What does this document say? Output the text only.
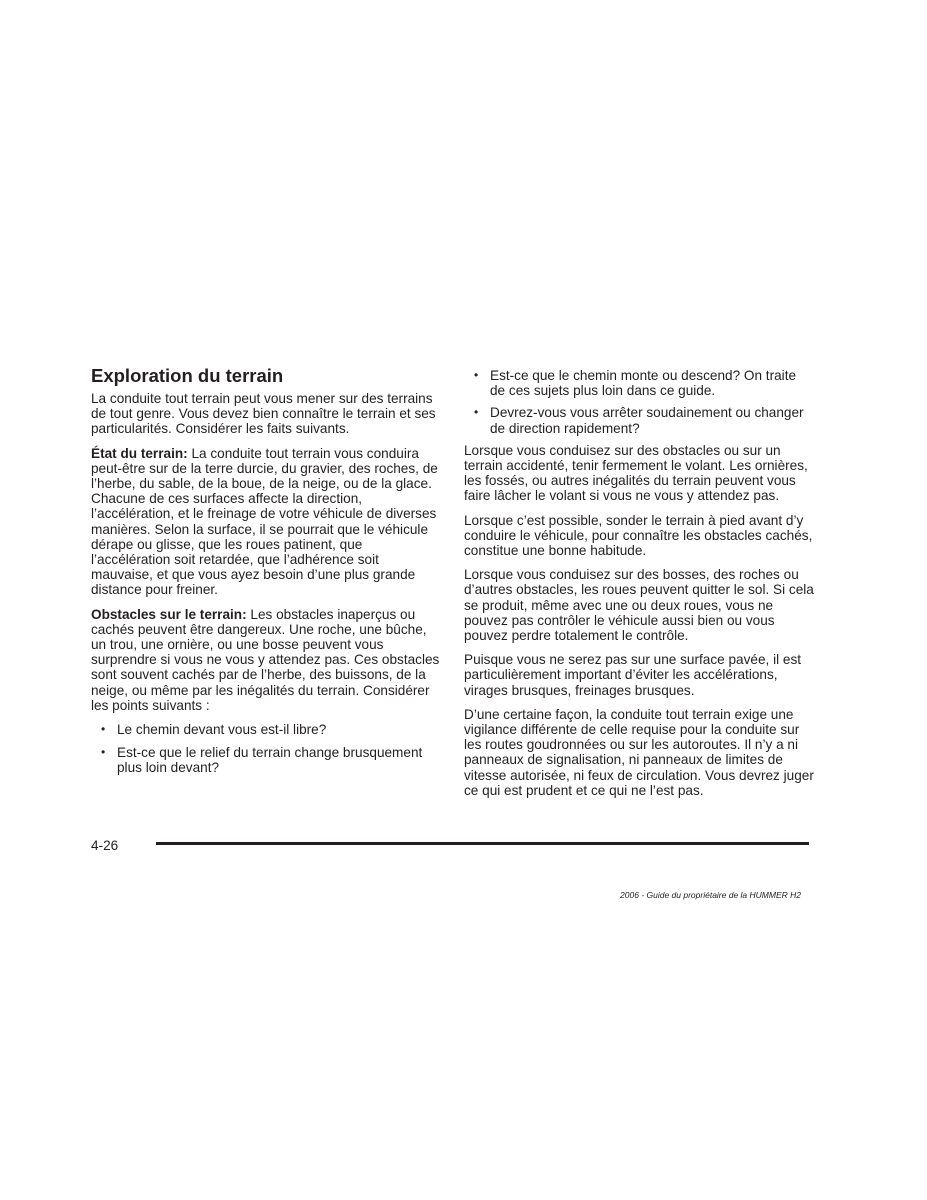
Exploration du terrain

La conduite tout terrain peut vous mener sur des terrains de tout genre. Vous devez bien connaître le terrain et ses particularités. Considérer les faits suivants.

État du terrain: La conduite tout terrain vous conduira peut-être sur de la terre durcie, du gravier, des roches, de l’herbe, du sable, de la boue, de la neige, ou de la glace. Chacune de ces surfaces affecte la direction, l’accélération, et le freinage de votre véhicule de diverses manières. Selon la surface, il se pourrait que le véhicule dérape ou glisse, que les roues patinent, que l’accélération soit retardée, que l’adhérence soit mauvaise, et que vous ayez besoin d’une plus grande distance pour freiner.

Obstacles sur le terrain: Les obstacles inaperçus ou cachés peuvent être dangereux. Une roche, une bûche, un trou, une ornière, ou une bosse peuvent vous surprendre si vous ne vous y attendez pas. Ces obstacles sont souvent cachés par de l’herbe, des buissons, de la neige, ou même par les inégalités du terrain. Considérer les points suivants :

• Le chemin devant vous est-il libre?
• Est-ce que le relief du terrain change brusquement plus loin devant?
• Est-ce que le chemin monte ou descend? On traite de ces sujets plus loin dans ce guide.
• Devrez-vous vous arrêter soudainement ou changer de direction rapidement?

Lorsque vous conduisez sur des obstacles ou sur un terrain accidenté, tenir fermement le volant. Les ornières, les fossés, ou autres inégalités du terrain peuvent vous faire lâcher le volant si vous ne vous y attendez pas.

Lorsque c’est possible, sonder le terrain à pied avant d’y conduire le véhicule, pour connaître les obstacles cachés, constitue une bonne habitude.

Lorsque vous conduisez sur des bosses, des roches ou d’autres obstacles, les roues peuvent quitter le sol. Si cela se produit, même avec une ou deux roues, vous ne pouvez pas contrôler le véhicule aussi bien ou vous pouvez perdre totalement le contrôle.

Puisque vous ne serez pas sur une surface pavée, il est particulièrement important d’éviter les accélérations, virages brusques, freinages brusques.

D’une certaine façon, la conduite tout terrain exige une vigilance différente de celle requise pour la conduite sur les routes goudronnées ou sur les autoroutes. Il n’y a ni panneaux de signalisation, ni panneaux de limites de vitesse autorisée, ni feux de circulation. Vous devrez juger ce qui est prudent et ce qui ne l’est pas.

4-26
2006 - Guide du propriétaire de la HUMMER H2
